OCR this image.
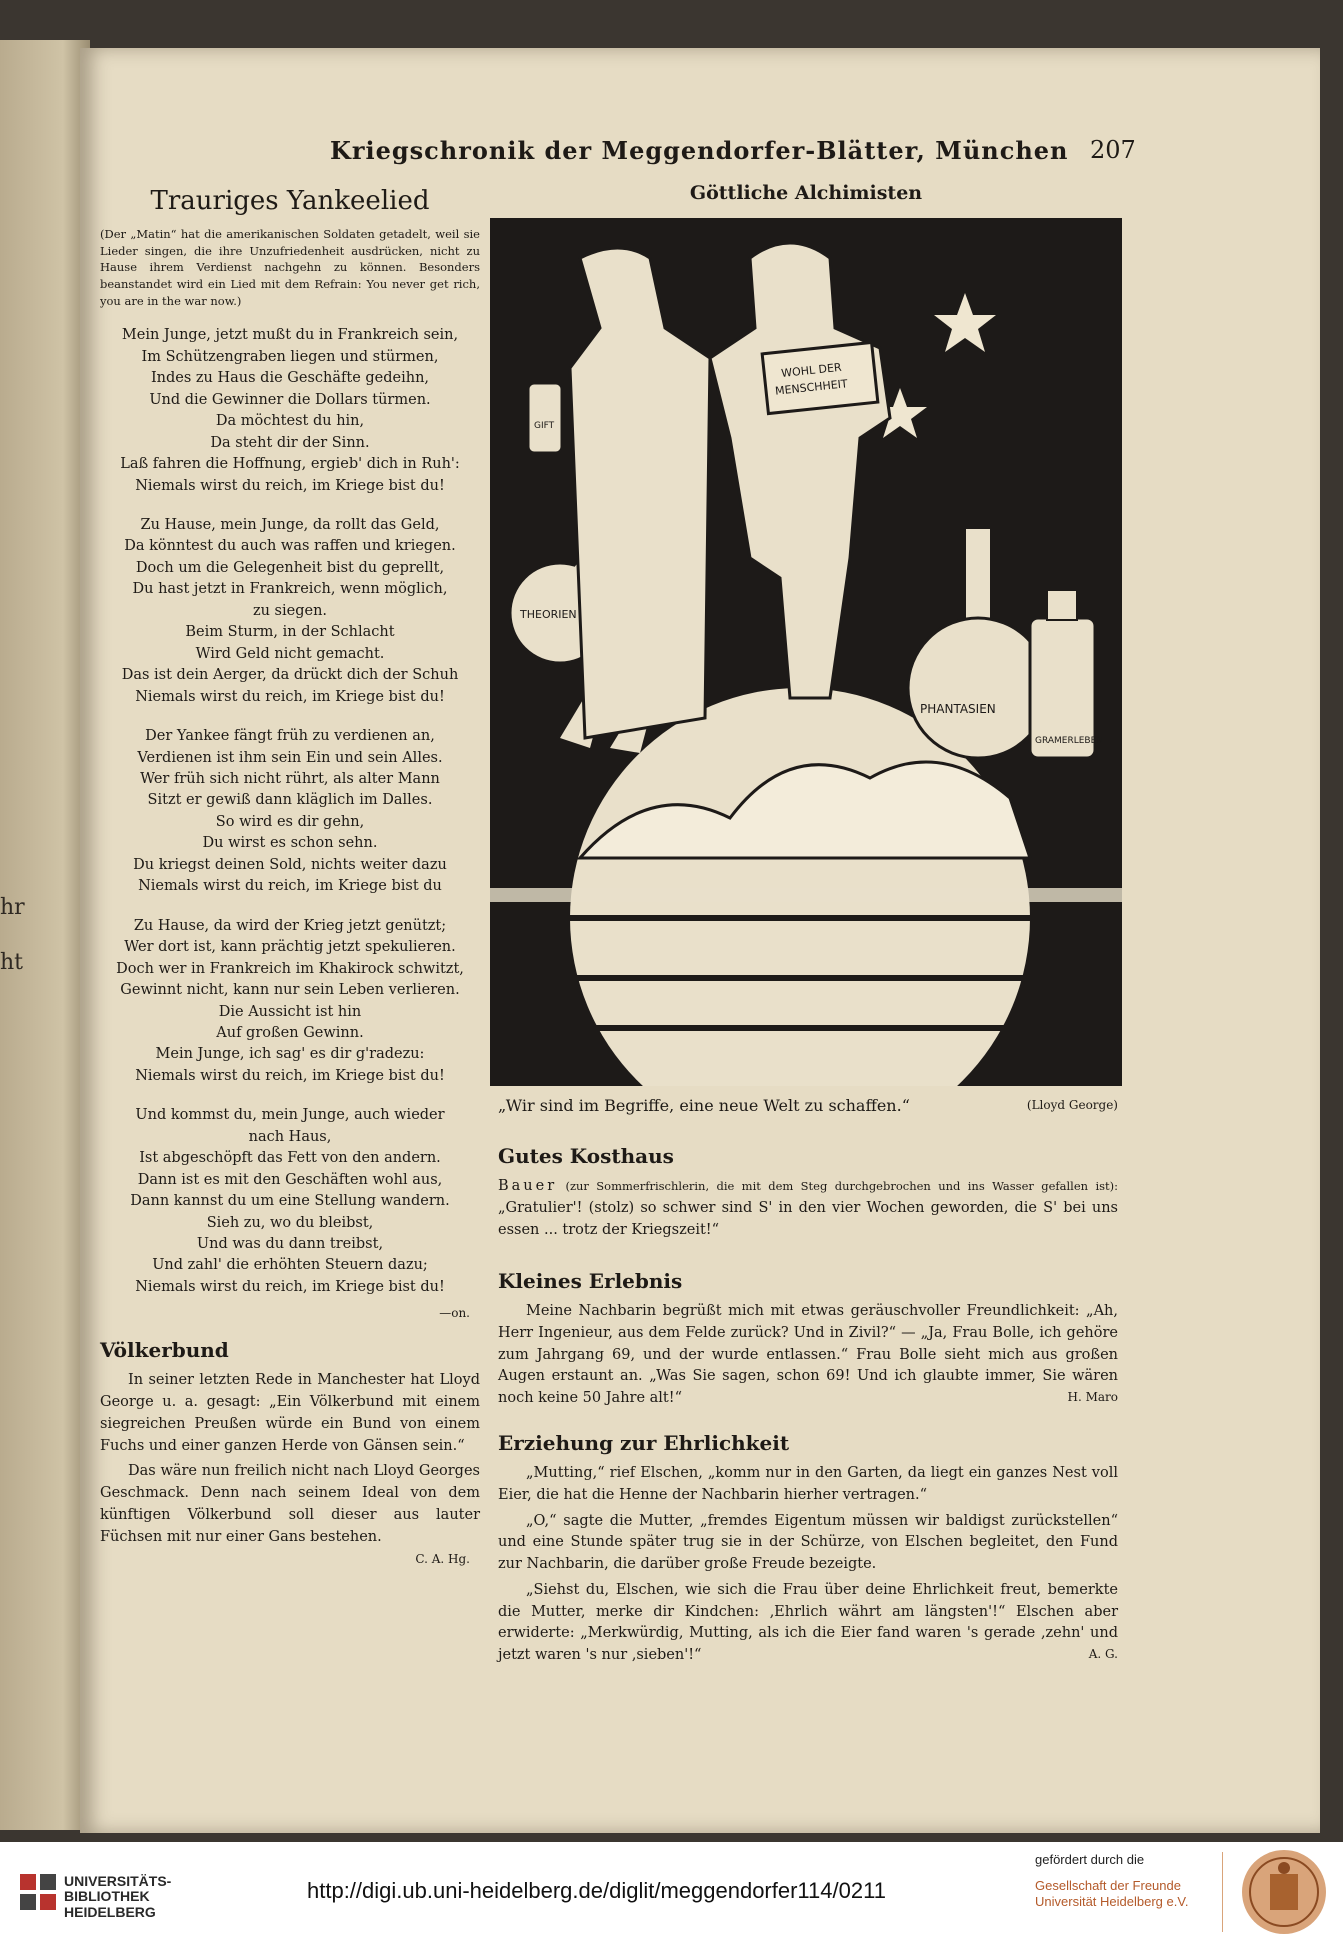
hr
ht
Kriegschronik der Meggendorfer-Blätter, München 207
Trauriges Yankeelied
(Der „Matin“ hat die amerikanischen Soldaten getadelt, weil sie Lieder singen, die ihre Unzufriedenheit ausdrücken, nicht zu Hause ihrem Verdienst nachgehn zu können. Besonders beanstandet wird ein Lied mit dem Refrain: You never get rich, you are in the war now.)
Mein Junge, jetzt mußt du in Frankreich sein,
Im Schützengraben liegen und stürmen,
Indes zu Haus die Geschäfte gedeihn,
Und die Gewinner die Dollars türmen.
Da möchtest du hin,
Da steht dir der Sinn.
Laß fahren die Hoffnung, ergieb' dich in Ruh':
Niemals wirst du reich, im Kriege bist du!
Zu Hause, mein Junge, da rollt das Geld,
Da könntest du auch was raffen und kriegen.
Doch um die Gelegenheit bist du geprellt,
Du hast jetzt in Frankreich, wenn möglich,
zu siegen.
Beim Sturm, in der Schlacht
Wird Geld nicht gemacht.
Das ist dein Aerger, da drückt dich der Schuh
Niemals wirst du reich, im Kriege bist du!
Der Yankee fängt früh zu verdienen an,
Verdienen ist ihm sein Ein und sein Alles.
Wer früh sich nicht rührt, als alter Mann
Sitzt er gewiß dann kläglich im Dalles.
So wird es dir gehn,
Du wirst es schon sehn.
Du kriegst deinen Sold, nichts weiter dazu
Niemals wirst du reich, im Kriege bist du
Zu Hause, da wird der Krieg jetzt genützt;
Wer dort ist, kann prächtig jetzt spekulieren.
Doch wer in Frankreich im Khakirock schwitzt,
Gewinnt nicht, kann nur sein Leben verlieren.
Die Aussicht ist hin
Auf großen Gewinn.
Mein Junge, ich sag' es dir g'radezu:
Niemals wirst du reich, im Kriege bist du!
Und kommst du, mein Junge, auch wieder
nach Haus,
Ist abgeschöpft das Fett von den andern.
Dann ist es mit den Geschäften wohl aus,
Dann kannst du um eine Stellung wandern.
Sieh zu, wo du bleibst,
Und was du dann treibst,
Und zahl' die erhöhten Steuern dazu;
Niemals wirst du reich, im Kriege bist du!
—on.
Völkerbund

In seiner letzten Rede in Manchester hat Lloyd George u. a. gesagt: „Ein Völkerbund mit einem siegreichen Preußen würde ein Bund von einem Fuchs und einer ganzen Herde von Gänsen sein.“

Das wäre nun freilich nicht nach Lloyd Georges Geschmack. Denn nach seinem Ideal von dem künftigen Völkerbund soll dieser aus lauter Füchsen mit nur einer Gans bestehen.

C. A. Hg.
Göttliche Alchimisten
THEORIEN
PHANTASIEN
GRAMERLEBEN
GIFT
WOHL DER
MENSCHHEIT
„Wir sind im Begriffe, eine neue Welt zu schaffen.“	(Lloyd George)
Gutes Kosthaus

Bauer (zur Sommerfrischlerin, die mit dem Steg durchgebrochen und ins Wasser gefallen ist): „Gratulier'! (stolz) so schwer sind S' in den vier Wochen geworden, die S' bei uns essen ... trotz der Kriegszeit!“

Kleines Erlebnis

Meine Nachbarin begrüßt mich mit etwas geräuschvoller Freundlichkeit: „Ah, Herr Ingenieur, aus dem Felde zurück? Und in Zivil?“ — „Ja, Frau Bolle, ich gehöre zum Jahrgang 69, und der wurde entlassen.“ Frau Bolle sieht mich aus großen Augen erstaunt an. „Was Sie sagen, schon 69! Und ich glaubte immer, Sie wären noch keine 50 Jahre alt!“	H. Maro

Erziehung zur Ehrlichkeit

„Mutting,“ rief Elschen, „komm nur in den Garten, da liegt ein ganzes Nest voll Eier, die hat die Henne der Nachbarin hierher vertragen.“

„O,“ sagte die Mutter, „fremdes Eigentum müssen wir baldigst zurückstellen“ und eine Stunde später trug sie in der Schürze, von Elschen begleitet, den Fund zur Nachbarin, die darüber große Freude bezeigte.

„Siehst du, Elschen, wie sich die Frau über deine Ehrlichkeit freut, bemerkte die Mutter, merke dir Kindchen: ‚Ehrlich währt am längsten'!“ Elschen aber erwiderte: „Merkwürdig, Mutting, als ich die Eier fand waren 's gerade ‚zehn' und jetzt waren 's nur ‚sieben'!“	A. G.

UNIVERSITÄTS-
BIBLIOTHEK
HEIDELBERG
http://digi.ub.uni-heidelberg.de/diglit/meggendorfer114/0211
gefördert durch die
Gesellschaft der Freunde
Universität Heidelberg e.V.
